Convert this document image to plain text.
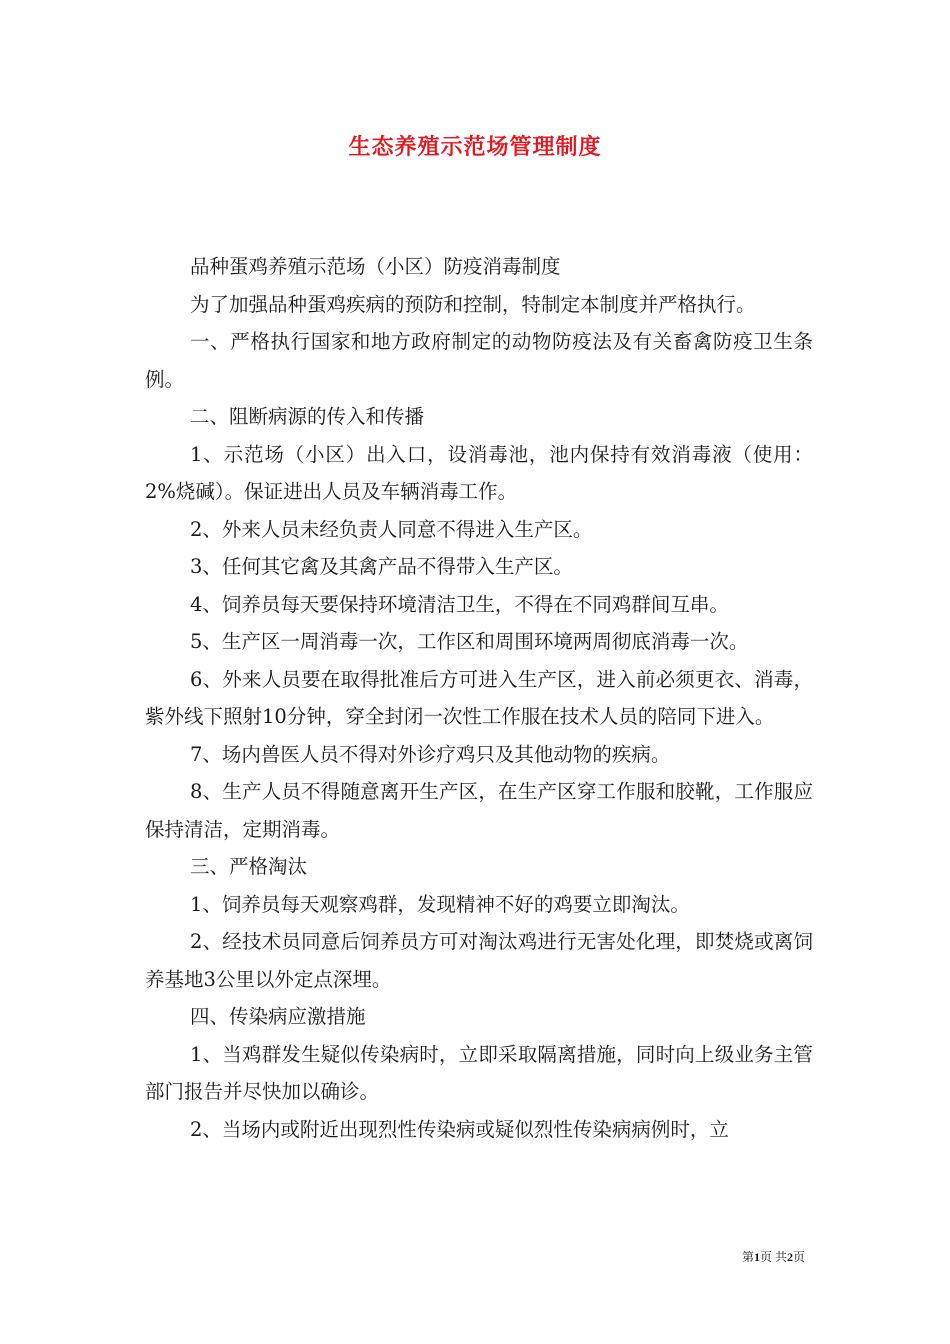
生态养殖示范场管理制度

品种蛋鸡养殖示范场（小区）防疫消毒制度

为了加强品种蛋鸡疾病的预防和控制，特制定本制度并严格执行。

一、严格执行国家和地方政府制定的动物防疫法及有关畜禽防疫卫生条例。

二、阻断病源的传入和传播

1、示范场（小区）出入口，设消毒池，池内保持有效消毒液（使用：2%烧碱）。保证进出人员及车辆消毒工作。

2、外来人员未经负责人同意不得进入生产区。

3、任何其它禽及其禽产品不得带入生产区。

4、饲养员每天要保持环境清洁卫生，不得在不同鸡群间互串。

5、生产区一周消毒一次，工作区和周围环境两周彻底消毒一次。

6、外来人员要在取得批准后方可进入生产区，进入前必须更衣、消毒，紫外线下照射10分钟，穿全封闭一次性工作服在技术人员的陪同下进入。

7、场内兽医人员不得对外诊疗鸡只及其他动物的疾病。

8、生产人员不得随意离开生产区，在生产区穿工作服和胶靴，工作服应保持清洁，定期消毒。

三、严格淘汰

1、饲养员每天观察鸡群，发现精神不好的鸡要立即淘汰。

2、经技术员同意后饲养员方可对淘汰鸡进行无害处化理，即焚烧或离饲养基地3公里以外定点深埋。

四、传染病应激措施

1、当鸡群发生疑似传染病时，立即采取隔离措施，同时向上级业务主管部门报告并尽快加以确诊。

2、当场内或附近出现烈性传染病或疑似烈性传染病病例时，立

第1页 共2页
